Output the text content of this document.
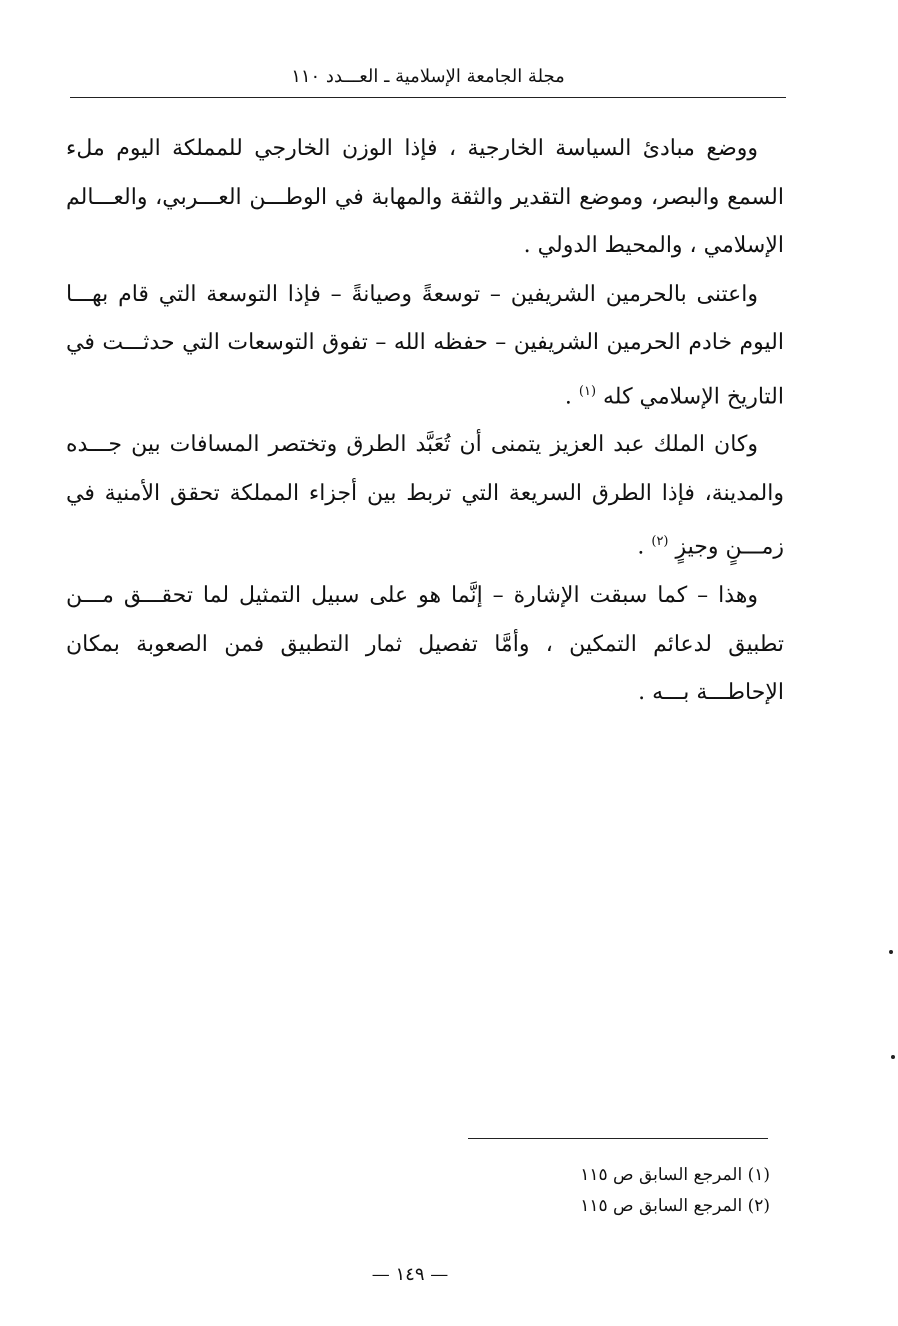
مجلة الجامعة الإسلامية ـ العـــدد ١١٠

ووضع مبادئ السياسة الخارجية ، فإذا الوزن الخارجي للمملكة اليوم ملء السمع والبصر، وموضع التقدير والثقة والمهابة في الوطـــن العـــربي، والعـــالم الإسلامي ، والمحيط الدولي .

واعتنى بالحرمين الشريفين – توسعةً وصيانةً – فإذا التوسعة التي قام بهـــا اليوم خادم الحرمين الشريفين – حفظه الله – تفوق التوسعات التي حدثـــت في التاريخ الإسلامي كله $^{(١)}$ .

وكان الملك عبد العزيز يتمنى أن تُعَبَّد الطرق وتختصر المسافات بين جـــده والمدينة، فإذا الطرق السريعة التي تربط بين أجزاء المملكة تحقق الأمنية في زمـــنٍ وجيزٍ $^{(٢)}$ .

وهذا – كما سبقت الإشارة – إنَّما هو على سبيل التمثيل لما تحقـــق مـــن تطبيق لدعائم التمكين ، وأمَّا تفصيل ثمار التطبيق فمن الصعوبة بمكان الإحاطـــة بـــه .

(١) المرجع السابق ص ١١٥

(٢) المرجع السابق ص ١١٥

— ١٤٩ —
